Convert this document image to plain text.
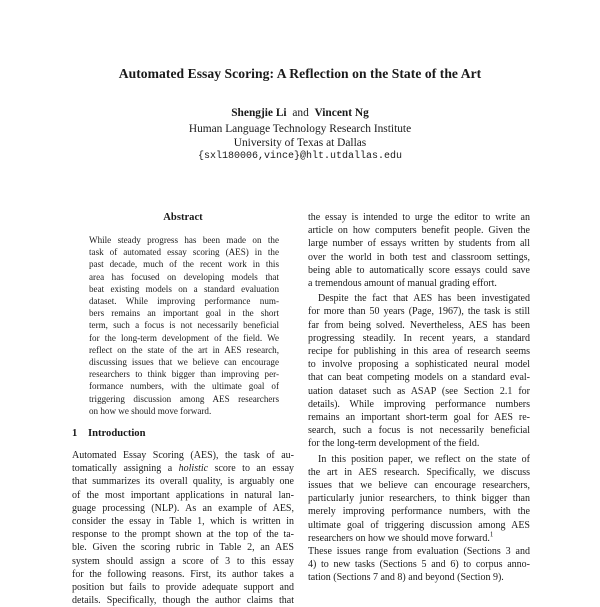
Automated Essay Scoring: A Reflection on the State of the Art
Shengjie Li and Vincent Ng
Human Language Technology Research Institute
University of Texas at Dallas
{sxl180006,vince}@hlt.utdallas.edu
Abstract
While steady progress has been made on the
task of automated essay scoring (AES) in the
past decade, much of the recent work in this
area has focused on developing models that
beat existing models on a standard evaluation
dataset. While improving performance num-
bers remains an important goal in the short
term, such a focus is not necessarily beneficial
for the long-term development of the field. We
reflect on the state of the art in AES research,
discussing issues that we believe can encourage
researchers to think bigger than improving per-
formance numbers, with the ultimate goal of
triggering discussion among AES researchers
on how we should move forward.
1 Introduction
Automated Essay Scoring (AES), the task of au-
tomatically assigning a holistic score to an essay
that summarizes its overall quality, is arguably one
of the most important applications in natural lan-
guage processing (NLP). As an example of AES,
consider the essay in Table 1, which is written in
response to the prompt shown at the top of the ta-
ble. Given the scoring rubric in Table 2, an AES
system should assign a score of 3 to this essay
for the following reasons. First, its author takes a
position but fails to provide adequate support and
details. Specifically, though the author claims that
the essay is intended to urge the editor to write an
article on how computers benefit people. Given the
large number of essays written by students from all
over the world in both test and classroom settings,
being able to automatically score essays could save
a tremendous amount of manual grading effort.
Despite the fact that AES has been investigated
for more than 50 years (Page, 1967), the task is still
far from being solved. Nevertheless, AES has been
progressing steadily. In recent years, a standard
recipe for publishing in this area of research seems
to involve proposing a sophisticated neural model
that can beat competing models on a standard eval-
uation dataset such as ASAP (see Section 2.1 for
details). While improving performance numbers
remains an important short-term goal for AES re-
search, such a focus is not necessarily beneficial
for the long-term development of the field.
In this position paper, we reflect on the state of
the art in AES research. Specifically, we discuss
issues that we believe can encourage researchers,
particularly junior researchers, to think bigger than
merely improving performance numbers, with the
ultimate goal of triggering discussion among AES
researchers on how we should move forward.$^1$
These issues range from evaluation (Sections 3 and
4) to new tasks (Sections 5 and 6) to corpus anno-
tation (Sections 7 and 8) and beyond (Section 9).
